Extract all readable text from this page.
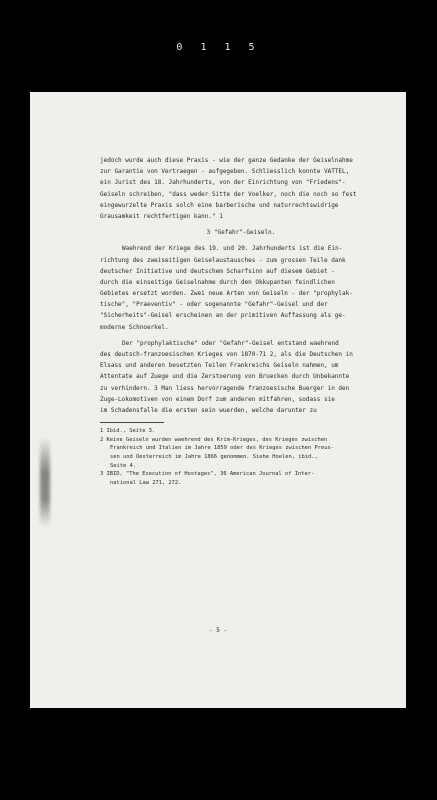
0 1 1 5
jedoch wurde auch diese Praxis - wie der ganze Gedanke der Geiselnahme
zur Garantie von Vertraegen - aufgegeben. Schliesslich konnte VATTEL,
ein Jurist des 18. Jahrhunderts, von der Einrichtung von "Friedens"-
Geiseln schreiben, "dass weder Sitte der Voelker, noch die noch so fest
eingewurzelte Praxis solch eine barberische und naturrechtswidrige
Grausamkeit rechtfertigen kann." 1
3 "Gefahr"-Geiseln.
Waehrend der Kriege des 19. und 20. Jahrhunderts ist die Ein-
richtung des zweiseitigen Geiselaustausches - zum grossen Teile dank
deutscher Initiative und deutschem Scharfsinn auf diesem Gebiet -
durch die einseitige Geiselnahme durch den Okkupanten feindlichen
Gebietes ersetzt worden. Zwei neue Arten von Geiseln - der "prophylak-
tische", "Praeventiv" - oder sogenannte "Gefahr"-Geisel und der
"Sicherheits"-Geisel erscheinen an der primitiven Auffassung als ge-
moderne Schnoerkel.
Der "prophylaktische" oder "Gefahr"-Geisel entstand waehrend
des deutsch-franzoesischen Krieges von 1870-71 2, als die Deutschen in
Elsass und anderen besetzten Teilen Frankreichs Geiseln nahmen, um
Attentate auf Zuege und die Zerstoerung von Bruecken durch Unbekannte
zu verhindern. 3 Man liess hervorragende franzoesische Buerger in den
Zuge-Lokomotiven von einem Dorf zum anderen mitfahren, sodass sie
im Schadensfalle die ersten sein wuerden, welche darunter zu
1 Ibid., Seite 3.
2 Keine Geiseln wurden waehrend des Krim-Krieges, des Krieges zwischen
Frankreich und Italien im Jahre 1859 oder des Krieges zwischen Preus-
sen und Oesterreich im Jahre 1866 genommen. Siehe Hoelen, ibid.,
Seite 4.
3 IBID, "The Execution of Hostages", 36 American Journal of Inter-
national Law 271, 272.
- 5 -
